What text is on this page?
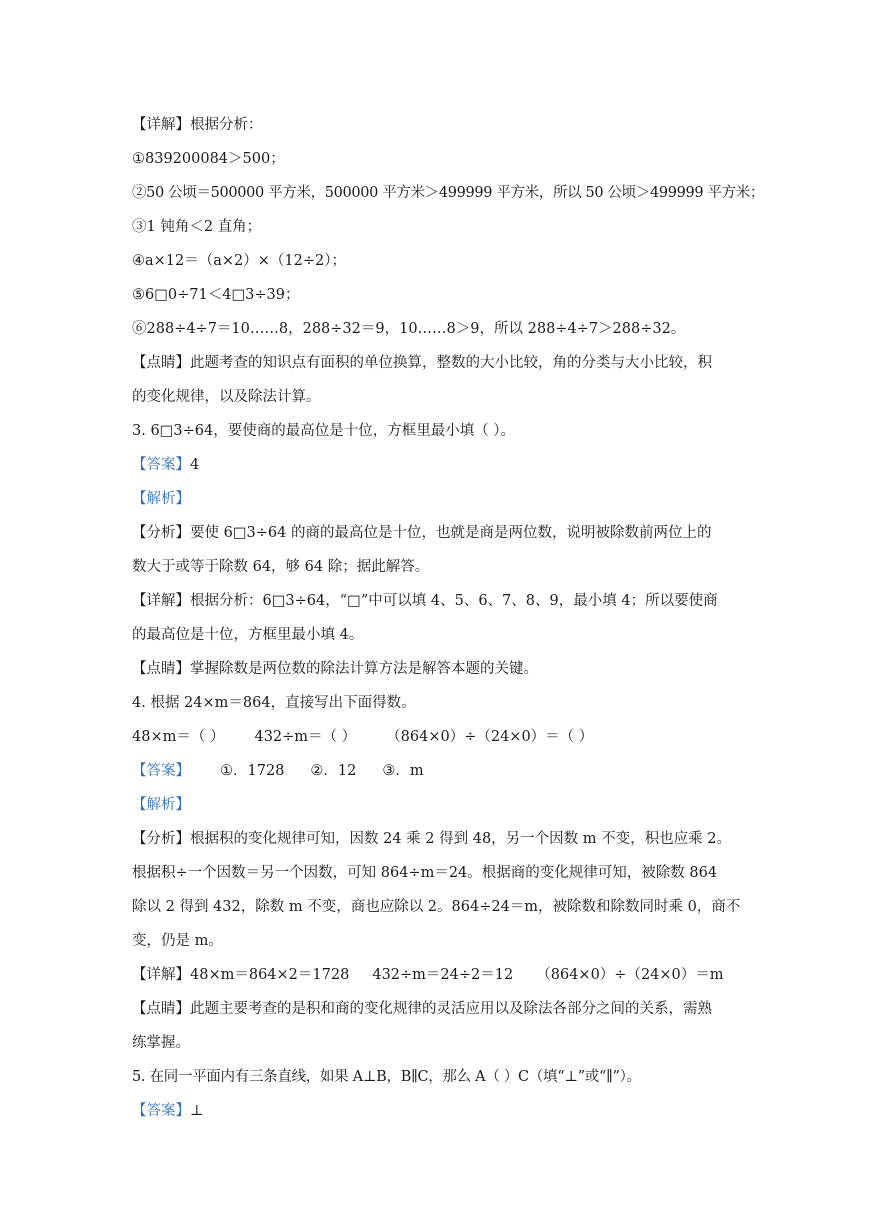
【详解】根据分析：
①839200084＞500；
②50 公顷＝500000 平方米，500000 平方米＞499999 平方米，所以 50 公顷＞499999 平方米；
③1 钝角＜2 直角；
④a×12＝（a×2）×（12÷2）；
⑤6□0÷71＜4□3÷39；
⑥288÷4÷7＝10……8，288÷32＝9，10……8＞9，所以 288÷4÷7＞288÷32。
【点睛】此题考查的知识点有面积的单位换算，整数的大小比较，角的分类与大小比较，积
的变化规律，以及除法计算。
3. 6□3÷64，要使商的最高位是十位，方框里最小填（ ）。
【答案】4
【解析】
【分析】要使 6□3÷64 的商的最高位是十位，也就是商是两位数，说明被除数前两位上的
数大于或等于除数 64，够 64 除；据此解答。
【详解】根据分析：6□3÷64，“□”中可以填 4、5、6、7、8、9，最小填 4；所以要使商
的最高位是十位，方框里最小填 4。
【点睛】掌握除数是两位数的除法计算方法是解答本题的关键。
4. 根据 24×m＝864，直接写出下面得数。
48×m＝（ ） 432÷m＝（ ） （864×0）÷（24×0）＝（ ）
【答案】 ①．1728 ②．12 ③．m
【解析】
【分析】根据积的变化规律可知，因数 24 乘 2 得到 48，另一个因数 m 不变，积也应乘 2。
根据积÷一个因数＝另一个因数，可知 864÷m＝24。根据商的变化规律可知，被除数 864
除以 2 得到 432，除数 m 不变，商也应除以 2。864÷24＝m，被除数和除数同时乘 0，商不
变，仍是 m。
【详解】48×m＝864×2＝1728     432÷m＝24÷2＝12     （864×0）÷（24×0）＝m
【点睛】此题主要考查的是积和商的变化规律的灵活应用以及除法各部分之间的关系，需熟
练掌握。
5. 在同一平面内有三条直线，如果 A⊥B，B∥C，那么 A（ ）C（填“⊥”或“∥”）。
【答案】⊥
